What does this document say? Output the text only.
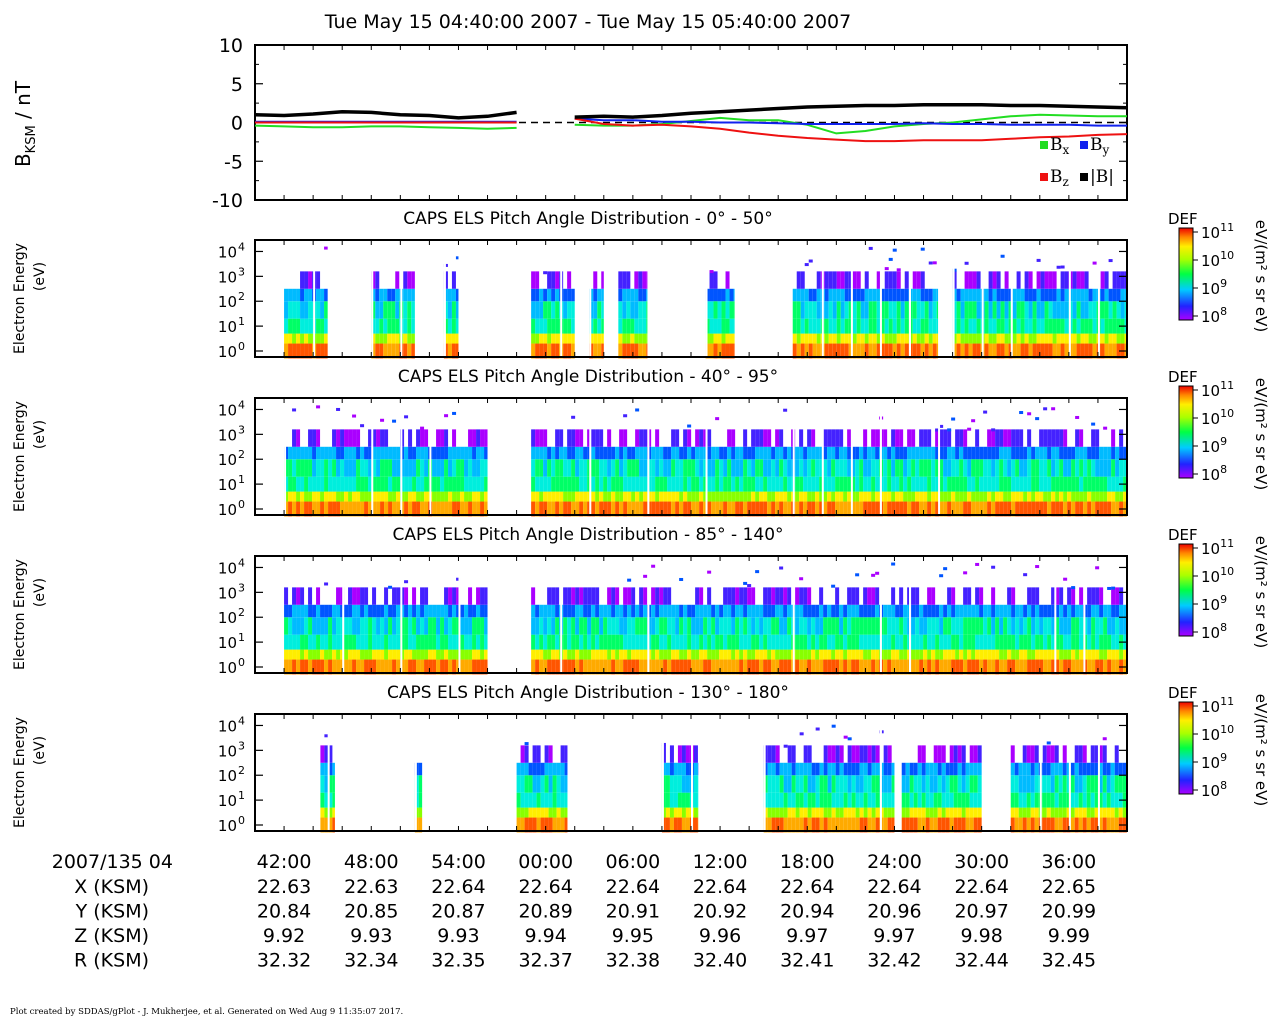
Tue May 15 04:40:00 2007 - Tue May 15 05:40:00 2007
10
5
0
-5
-10
$B_{KSM}$ / nT
$B_x$ $B_y$
$B_z$ |B|
104
103
102
101
100
CAPS ELS Pitch Angle Distribution - 0° - 50°
Electron Energy (eV)
DEF
$10^{11}$
$10^{10}$
$10^9$
$10^8$ eV/(m² s sr eV)
104
103
102
101
100
CAPS ELS Pitch Angle Distribution - 40° - 95°
Electron Energy (eV)
DEF
$10^{11}$
$10^{10}$
$10^9$
$10^8$ eV/(m² s sr eV)
104
103
102
101
100
CAPS ELS Pitch Angle Distribution - 85° - 140°
Electron Energy (eV)
DEF
$10^{11}$
$10^{10}$
$10^9$
$10^8$ eV/(m² s sr eV)
104
103
102
101
100
CAPS ELS Pitch Angle Distribution - 130° - 180°
Electron Energy (eV)
DEF
$10^{11}$
$10^{10}$
$10^9$
$10^8$ eV/(m² s sr eV)
2007/135 04	42:00 48:00 54:00 00:00 06:00 12:00 18:00 24:00 30:00 36:00
X (KSM)	22.63 22.63 22.64 22.64 22.64 22.64 22.64 22.64 22.64 22.65
Y (KSM)	20.84 20.85 20.87 20.89 20.91 20.92 20.94 20.96 20.97 20.99
Z (KSM)	9.92 9.93 9.93 9.94 9.95 9.96 9.97 9.97 9.98 9.99
R (KSM)	32.32 32.34 32.35 32.37 32.38 32.40 32.41 32.42 32.44 32.45
Plot created by SDDAS/gPlot - J. Mukherjee, et al. Generated on Wed Aug 9 11:35:07 2017.
